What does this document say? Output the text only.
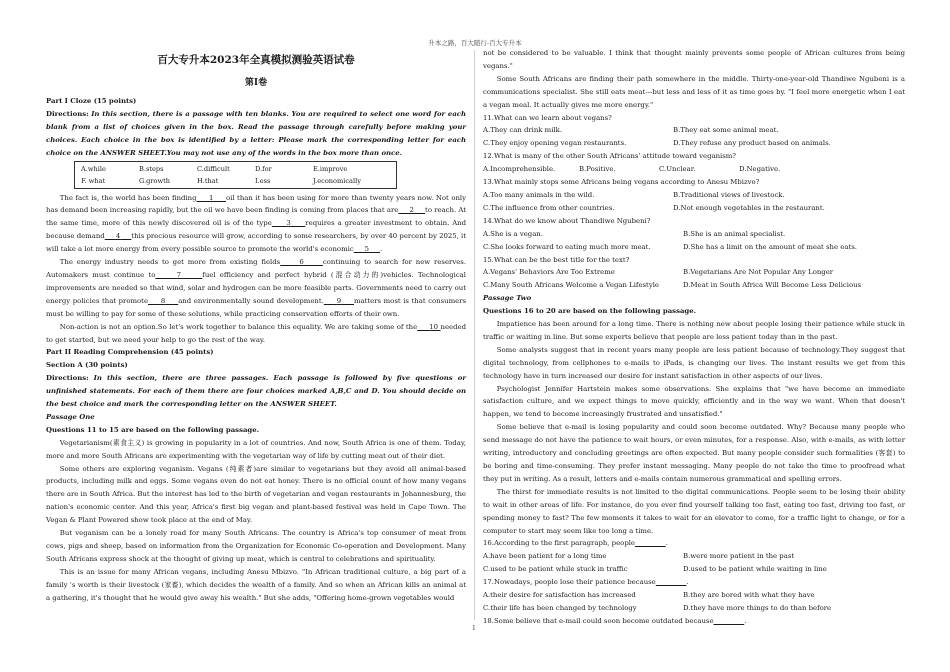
升本之路，百大随行-百大专升本

百大专升本2023年全真模拟测验英语试卷

第Ⅰ卷

Part I Cloze (15 points)

Directions: In this section, there is a passage with ten blanks. You are required to select one word for each blank from a list of choices given in the box. Read the passage through carefully before making your choices. Each choice in the box is identified by a letter: Please mark the corresponding letter for each choice on the ANSWER SHEET.You may not use any of the words in the box more than once.

A.while	B.steps	C.difficult	D.for	E.improve
F. what	G.growth	H.that	I.ess	J.economically

The fact is, the world has been finding 1 oil than it has been using for more than twenty years now. Not only has demand been increasing rapidly, but the oil we have been finding is coming from places that are 2 to reach. At the same time, more of this newly discovered oil is of the type 3 requires a greater investment to obtain. And because demand 4 this precious resource will grow, according to some researchers, by over 40 percent by 2025, it will take a lot more energy from every possible source to promote the world's economic 5 .

The energy industry needs to get more from existing fields	6	continuing to search for new reserves. Automakers must continue to	7	fuel efficiency and perfect hybrid (混合动力的)vehicles. Technological improvements are needed so that wind, solar and hydrogen can be more feasible parts. Governments need to carry out energy policies that promote 8 and environmentally sound development. 9 matters most is that consumers must be willing to pay for some of these solutions, while practicing conservation efforts of their own.

Non-action is not an option.So let's work together to balance this equality. We are taking some of the 10 needed to get started, but we need your help to go the rest of the way.

Part II Reading Comprehension (45 points)

Section A (30 points)

Directions: In this section, there are three passages. Each passage is followed by five questions or unfinished statements. For each of them there are four choices marked A,B,C and D. You should decide on the best choice and mark the corresponding letter on the ANSWER SHEET.

Passage One

Questions 11 to 15 are based on the following passage.

Vegetarianism(素食主义) is growing in popularity in a lot of countries. And now, South Africa is one of them. Today, more and more South Africans are experimenting with the vegetarian way of life by cutting meat out of their diet.

Some others are exploring veganism. Vegans (纯素者)are similar to vegetarians but they avoid all animal-based products, including milk and eggs. Some vegans even do not eat honey. There is no official count of how many vegans there are in South Africa. But the interest has led to the birth of vegetarian and vegan restaurants in Johannesburg, the nation's economic center. And this year, Africa's first big vegan and plant-based festival was held in Cape Town. The Vegan & Plant Powered show took place at the end of May.

But veganism can be a lonely road for many South Africans. The country is Africa's top consumer of meat from cows, pigs and sheep, based on information from the Organization for Economic Co-operation and Development. Many South Africans express shock at the thought of giving up meat, which is central to celebrations and spirituality.

This is an issue for many African vegans, including Anesu Mbizvo. "In African traditional culture, a big part of a family 's worth is their livestock (家畜), which decides the wealth of a family. And so when an African kills an animal at a gathering, it's thought that he would give away his wealth." But she adds, "Offering home-grown vegetables would

not be considered to be valuable. I think that thought mainly prevents some people of African cultures from being vegans."

Some South Africans are finding their path somewhere in the middle. Thirty-one-year-old Thandiwe Ngubeni is a communications specialist. She still eats meat---but less and less of it as time goes by. "I feel more energetic when I eat a vegan meal. It actually gives me more energy."

11.What can we learn about vegans?

A.They can drink milk.	B.They eat some animal meat.
C.They enjoy opening vegan restaurants.	D.They refuse any product based on animals.

12.What is many of the other South Africans' attitude toward veganism?

A.Incomprehensible.	B.Positive.	C.Unclear.	D.Negative.

13.What mainly stops some Africans being vegans according to Anesu Mbizvo?

A.Too many animals in the wild.	B.Traditional views of livestock.
C.The influence from other countries.	D.Not enough vegetables in the restaurant.

14.What do we know about Thandiwe Ngubeni?

A.She is a vegan.	B.She is an animal specialist.
C.She looks forward to eating much more meat.	D.She has a limit on the amount of meat she eats.

15.What can be the best title for the text?

A.Vegans' Behaviors Are Too Extreme	B.Vegetarians Are Not Popular Any Longer
C.Many South Africans Welcome a Vegan Lifestyle	D.Meat in South Africa Will Become Less Delicious

Passage Two

Questions 16 to 20 are based on the following passage.

Impatience has been around for a long time. There is nothing new about people losing their patience while stuck in traffic or waiting in line. But some experts believe that people are less patient today than in the past.

Some analysts suggest that in recent years many people are less patient because of technology.They suggest that digital technology, from cellphones to e-mails to iPads, is changing our lives. The instant results we get from this technology have in turn increased our desire for instant satisfaction in other aspects of our lives.

Psychologist Jennifer Hartstein makes some observations. She explains that "we have become an immediate satisfaction culture, and we expect things to move quickly, efficiently and in the way we want. When that doesn't happen, we tend to become increasingly frustrated and unsatisfied."

Some believe that e-mail is losing popularity and could soon become outdated. Why? Because many people who send message do not have the patience to wait hours, or even minutes, for a response. Also, with e-mails, as with letter writing, introductory and concluding greetings are often expected. But many people consider such formalities (客套) to be boring and time-consuming. They prefer instant messaging. Many people do not take the time to proofread what they put in writing. As a result, letters and e-mails contain numerous grammatical and spelling errors.

The thirst for immediate results is not limited to the digital communications. People seem to be losing their ability to wait in other areas of life. For instance, do you ever find yourself talking too fast, eating too fast, driving too fast, or spending money to fast? The few moments it takes to wait for an elevator to come, for a traffic light to change, or for a computer to start may seem like too long a time.

16.According to the first paragraph, people	.

A.have been patient for a long time	B.were more patient in the past
C.used to be patient while stuck in traffic	D.used to be patient while waiting in line

17.Nowadays, people lose their patience because	.

A.their desire for satisfaction has increased	B.they are bored with what they have
C.their life has been changed by technology	D.they have more things to do than before

18.Some believe that e-mail could soon become outdated because	.

1
